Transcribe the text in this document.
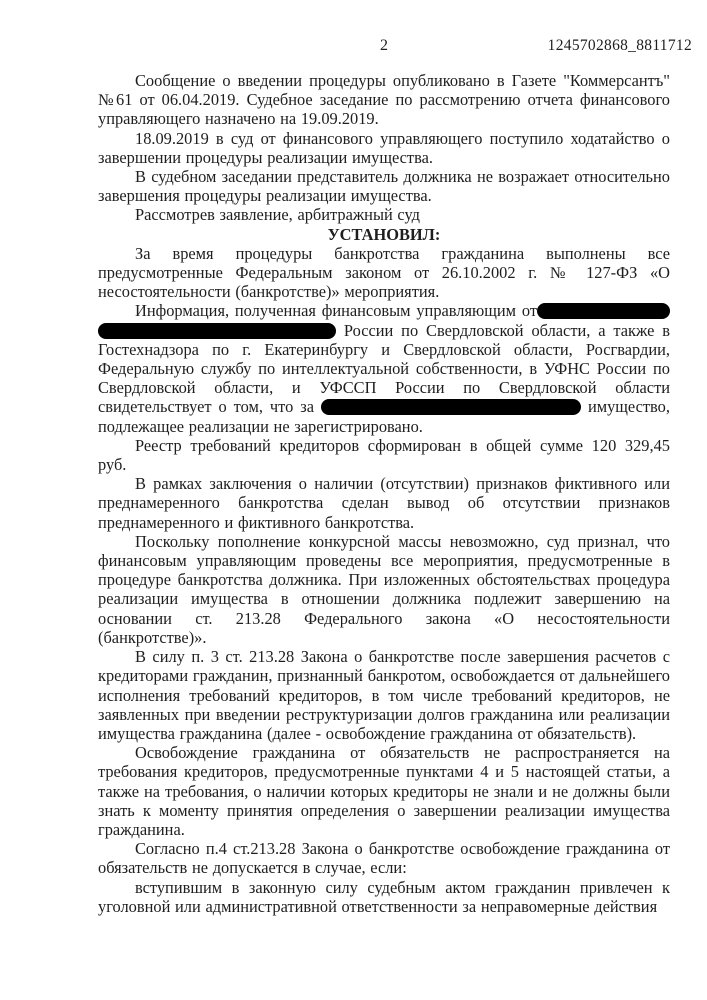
2	1245702868_8811712

Сообщение о введении процедуры опубликовано в Газете "Коммерсантъ" №61 от 06.04.2019. Судебное заседание по рассмотрению отчета финансового управляющего назначено на 19.09.2019.

18.09.2019 в суд от финансового управляющего поступило ходатайство о завершении процедуры реализации имущества.

В судебном заседании представитель должника не возражает относительно завершения процедуры реализации имущества.

Рассмотрев заявление, арбитражный суд

УСТАНОВИЛ:

За время процедуры банкротства гражданина выполнены все предусмотренные Федеральным законом от 26.10.2002 г. № 127-ФЗ «О несостоятельности (банкротстве)» мероприятия.

Информация, полученная финансовым управляющим от  России по Свердловской области, а также в Гостехнадзора по г. Екатеринбургу и Свердловской области, Росгвардии, Федеральную службу по интеллектуальной собственности, в УФНС России по Свердловской области, и УФССП России по Свердловской области свидетельствует о том, что за	имущество, подлежащее реализации не зарегистрировано.

Реестр требований кредиторов сформирован в общей сумме 120 329,45 руб.

В рамках заключения о наличии (отсутствии) признаков фиктивного или преднамеренного банкротства сделан вывод об отсутствии признаков преднамеренного и фиктивного банкротства.

Поскольку пополнение конкурсной массы невозможно, суд признал, что финансовым управляющим проведены все мероприятия, предусмотренные в процедуре банкротства должника. При изложенных обстоятельствах процедура реализации имущества в отношении должника подлежит завершению на основании ст. 213.28 Федерального закона «О несостоятельности (банкротстве)».

В силу п. 3 ст. 213.28 Закона о банкротстве после завершения расчетов с кредиторами гражданин, признанный банкротом, освобождается от дальнейшего исполнения требований кредиторов, в том числе требований кредиторов, не заявленных при введении реструктуризации долгов гражданина или реализации имущества гражданина (далее - освобождение гражданина от обязательств).

Освобождение гражданина от обязательств не распространяется на требования кредиторов, предусмотренные пунктами 4 и 5 настоящей статьи, а также на требования, о наличии которых кредиторы не знали и не должны были знать к моменту принятия определения о завершении реализации имущества гражданина.

Согласно п.4 ст.213.28 Закона о банкротстве освобождение гражданина от обязательств не допускается в случае, если:

вступившим в законную силу судебным актом гражданин привлечен к уголовной или административной ответственности за неправомерные действия
